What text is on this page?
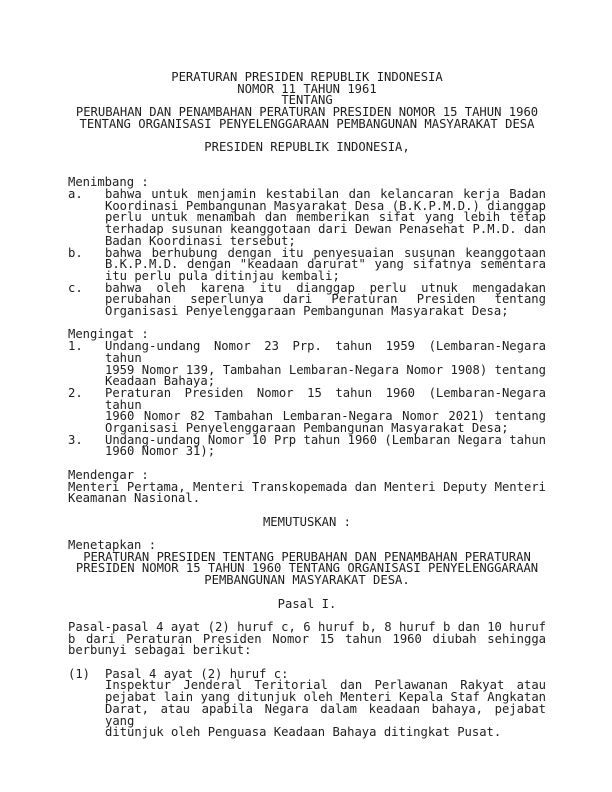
PERATURAN PRESIDEN REPUBLIK INDONESIA
NOMOR 11 TAHUN 1961
TENTANG
PERUBAHAN DAN PENAMBAHAN PERATURAN PRESIDEN NOMOR 15 TAHUN 1960
TENTANG ORGANISASI PENYELENGGARAAN PEMBANGUNAN MASYARAKAT DESA

PRESIDEN REPUBLIK INDONESIA,

Menimbang :
a. bahwa untuk menjamin kestabilan dan kelancaran kerja Badan
Koordinasi Pembangunan Masyarakat Desa (B.K.P.M.D.) dianggap
perlu untuk menambah dan memberikan sifat yang lebih tetap
terhadap susunan keanggotaan dari Dewan Penasehat P.M.D. dan
Badan Koordinasi tersebut;
b. bahwa berhubung dengan itu penyesuaian susunan keanggotaan
B.K.P.M.D. dengan "keadaan darurat" yang sifatnya sementara
itu perlu pula ditinjau kembali;
c. bahwa oleh karena itu dianggap perlu utnuk mengadakan
perubahan seperlunya dari Peraturan Presiden tentang
Organisasi Penyelenggaraan Pembangunan Masyarakat Desa;

Mengingat :
1. Undang-undang Nomor 23 Prp. tahun 1959 (Lembaran-Negara tahun
1959 Nomor 139, Tambahan Lembaran-Negara Nomor 1908) tentang
Keadaan Bahaya;
2. Peraturan Presiden Nomor 15 tahun 1960 (Lembaran-Negara tahun
1960 Nomor 82 Tambahan Lembaran-Negara Nomor 2021) tentang
Organisasi Penyelenggaraan Pembangunan Masyarakat Desa;
3. Undang-undang Nomor 10 Prp tahun 1960 (Lembaran Negara tahun
1960 Nomor 31);

Mendengar :
Menteri Pertama, Menteri Transkopemada dan Menteri Deputy Menteri
Keamanan Nasional.

MEMUTUSKAN :

Menetapkan :
PERATURAN PRESIDEN TENTANG PERUBAHAN DAN PENAMBAHAN PERATURAN
PRESIDEN NOMOR 15 TAHUN 1960 TENTANG ORGANISASI PENYELENGGARAAN
PEMBANGUNAN MASYARAKAT DESA.

Pasal I.

Pasal-pasal 4 ayat (2) huruf c, 6 huruf b, 8 huruf b dan 10 huruf
b dari Peraturan Presiden Nomor 15 tahun 1960 diubah sehingga
berbunyi sebagai berikut:

(1) Pasal 4 ayat (2) huruf c:
Inspektur Jenderal Teritorial dan Perlawanan Rakyat atau
pejabat lain yang ditunjuk oleh Menteri Kepala Staf Angkatan
Darat, atau apabila Negara dalam keadaan bahaya, pejabat yang
ditunjuk oleh Penguasa Keadaan Bahaya ditingkat Pusat.
